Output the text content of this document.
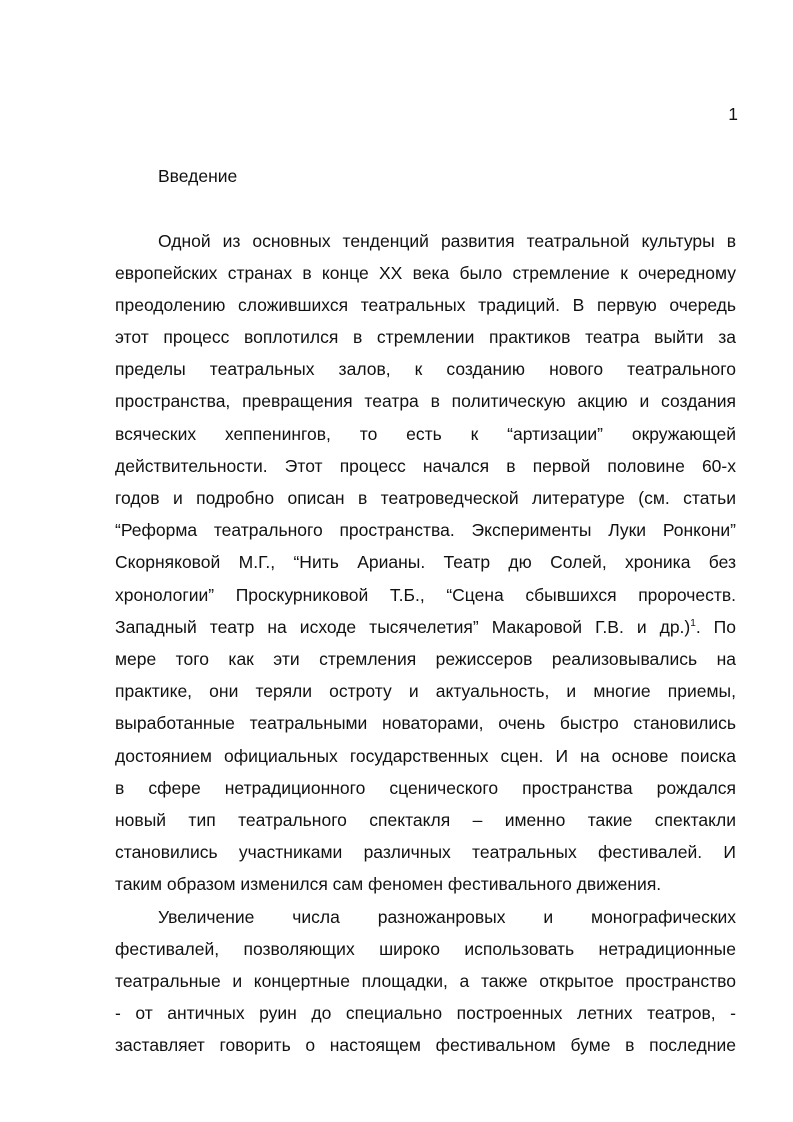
1
Введение
Одной из основных тенденций развития театральной культуры в
европейских странах в конце XX века было стремление к очередному
преодолению сложившихся театральных традиций. В первую очередь
этот процесс воплотился в стремлении практиков театра выйти за
пределы театральных залов, к созданию нового театрального
пространства, превращения театра в политическую акцию и создания
всяческих хеппенингов, то есть к “артизации” окружающей
действительности. Этот процесс начался в первой половине 60-х
годов и подробно описан в театроведческой литературе (см. статьи
“Реформа театрального пространства. Эксперименты Луки Ронкони”
Скорняковой М.Г., “Нить Арианы. Театр дю Солей, хроника без
хронологии” Проскурниковой Т.Б., “Сцена сбывшихся пророчеств.
Западный театр на исходе тысячелетия” Макаровой Г.В. и др.)$^1$. По
мере того как эти стремления режиссеров реализовывались на
практике, они теряли остроту и актуальность, и многие приемы,
выработанные театральными новаторами, очень быстро становились
достоянием официальных государственных сцен. И на основе поиска
в сфере нетрадиционного сценического пространства рождался
новый тип театрального спектакля – именно такие спектакли
становились участниками различных театральных фестивалей. И
таким образом изменился сам феномен фестивального движения.
Увеличение числа разножанровых и монографических
фестивалей, позволяющих широко использовать нетрадиционные
театральные и концертные площадки, а также открытое пространство
- от античных руин до специально построенных летних театров, -
заставляет говорить о настоящем фестивальном буме в последние
